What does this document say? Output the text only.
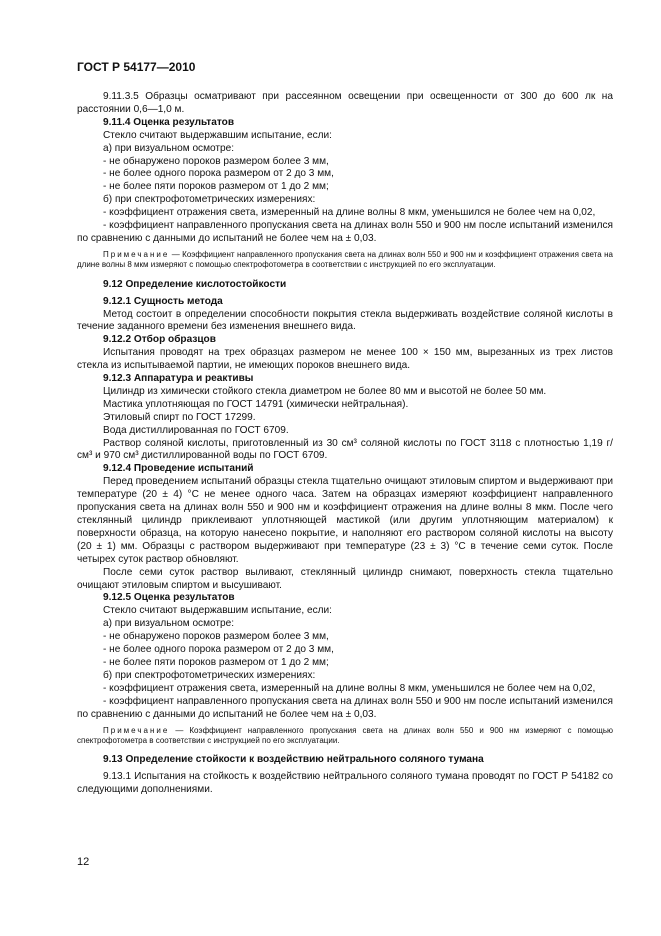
ГОСТ Р 54177—2010

9.11.3.5 Образцы осматривают при рассеянном освещении при освещенности от 300 до 600 лк на расстоянии 0,6—1,0 м.

9.11.4 Оценка результатов

Стекло считают выдержавшим испытание, если:

а) при визуальном осмотре:

- не обнаружено пороков размером более 3 мм,

- не более одного порока размером от 2 до 3 мм,

- не более пяти пороков размером от 1 до 2 мм;

б) при спектрофотометрических измерениях:

- коэффициент отражения света, измеренный на длине волны 8 мкм, уменьшился не более чем на 0,02,

- коэффициент направленного пропускания света на длинах волн 550 и 900 нм после испытаний изменился по сравнению с данными до испытаний не более чем на ± 0,03.

Примечание — Коэффициент направленного пропускания света на длинах волн 550 и 900 нм и коэффициент отражения света на длине волны 8 мкм измеряют с помощью спектрофотометра в соответствии с инструкцией по его эксплуатации.

9.12 Определение кислотостойкости

9.12.1 Сущность метода

Метод состоит в определении способности покрытия стекла выдерживать воздействие соляной кислоты в течение заданного времени без изменения внешнего вида.

9.12.2 Отбор образцов

Испытания проводят на трех образцах размером не менее 100 × 150 мм, вырезанных из трех листов стекла из испытываемой партии, не имеющих пороков внешнего вида.

9.12.3 Аппаратура и реактивы

Цилиндр из химически стойкого стекла диаметром не более 80 мм и высотой не более 50 мм.

Мастика уплотняющая по ГОСТ 14791 (химически нейтральная).

Этиловый спирт по ГОСТ 17299.

Вода дистиллированная по ГОСТ 6709.

Раствор соляной кислоты, приготовленный из 30 см³ соляной кислоты по ГОСТ 3118 с плотностью 1,19 г/см³ и 970 см³ дистиллированной воды по ГОСТ 6709.

9.12.4 Проведение испытаний

Перед проведением испытаний образцы стекла тщательно очищают этиловым спиртом и выдерживают при температуре (20 ± 4) °С не менее одного часа. Затем на образцах измеряют коэффициент направленного пропускания света на длинах волн 550 и 900 нм и коэффициент отражения на длине волны 8 мкм. После чего стеклянный цилиндр приклеивают уплотняющей мастикой (или другим уплотняющим материалом) к поверхности образца, на которую нанесено покрытие, и наполняют его раствором соляной кислоты на высоту (20 ± 1) мм. Образцы с раствором выдерживают при температуре (23 ± 3) °С в течение семи суток. После четырех суток раствор обновляют.

После семи суток раствор выливают, стеклянный цилиндр снимают, поверхность стекла тщательно очищают этиловым спиртом и высушивают.

9.12.5 Оценка результатов

Стекло считают выдержавшим испытание, если:

а) при визуальном осмотре:

- не обнаружено пороков размером более 3 мм,

- не более одного порока размером от 2 до 3 мм,

- не более пяти пороков размером от 1 до 2 мм;

б) при спектрофотометрических измерениях:

- коэффициент отражения света, измеренный на длине волны 8 мкм, уменьшился не более чем на 0,02,

- коэффициент направленного пропускания света на длинах волн 550 и 900 нм после испытаний изменился по сравнению с данными до испытаний не более чем на ± 0,03.

Примечание — Коэффициент направленного пропускания света на длинах волн 550 и 900 нм измеряют с помощью спектрофотометра в соответствии с инструкцией по его эксплуатации.

9.13 Определение стойкости к воздействию нейтрального соляного тумана

9.13.1 Испытания на стойкость к воздействию нейтрального соляного тумана проводят по ГОСТ Р 54182 со следующими дополнениями.

12
